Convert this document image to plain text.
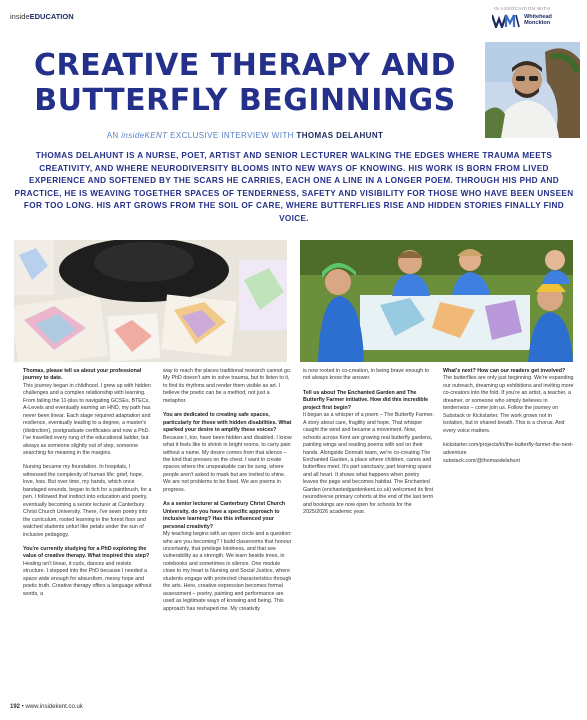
insideEDUCATION
IN ASSOCIATION WITH
Whitehead
Monckton
CREATIVE THERAPY AND
BUTTERFLY BEGINNINGS
AN insideKENT EXCLUSIVE INTERVIEW WITH THOMAS DELAHUNT
THOMAS DELAHUNT IS A NURSE, POET, ARTIST AND SENIOR LECTURER WALKING THE EDGES WHERE TRAUMA MEETS CREATIVITY, AND WHERE NEURODIVERSITY BLOOMS INTO NEW WAYS OF KNOWING. HIS WORK IS BORN FROM LIVED EXPERIENCE AND SOFTENED BY THE SCARS HE CARRIES, EACH ONE A LINE IN A LONGER POEM. THROUGH HIS PHD AND PRACTICE, HE IS WEAVING TOGETHER SPACES OF TENDERNESS, SAFETY AND VISIBILITY FOR THOSE WHO HAVE BEEN UNSEEN FOR TOO LONG. HIS ART GROWS FROM THE SOIL OF CARE, WHERE BUTTERFLIES RISE AND HIDDEN STORIES FINALLY FIND VOICE.

Thomas, please tell us about your professional journey to date.

This journey began in childhood. I grew up with hidden challenges and a complex relationship with learning. From failing the 11-plus to navigating GCSEs, BTECs, A-Levels and eventually earning an HND, my path has never been linear. Each stage required adaptation and resilience, eventually leading to a degree, a master's (distinction), postgraduate certificates and now a PhD. I've travelled every rung of the educational ladder, but always as someone slightly out of step, someone searching for meaning in the margins.

Nursing became my foundation. In hospitals, I witnessed the complexity of human life: grief, hope, love, loss. But over time, my hands, which once bandaged wounds, began to itch for a paintbrush, for a pen. I followed that instinct into education and poetry, eventually becoming a senior lecturer at Canterbury Christ Church University. There, I've sewn poetry into the curriculum, rooted learning in the forest floor and watched students unfurl like petals under the sun of inclusive pedagogy.

You're currently studying for a PhD exploring the value of creative therapy. What inspired this step?

Healing isn't linear, it curls, dances and resists structure. I stepped into the PhD because I needed a space wide enough for absurdism, messy hope and poetic truth. Creative therapy offers a language without words, a

way to reach the places traditional research cannot go. My PhD doesn't aim to solve trauma, but to listen to it, to find its rhythms and render them visible as art. I believe the poetic can be a method, not just a metaphor.

You are dedicated to creating safe spaces, particularly for those with hidden disabilities. What sparked your desire to amplify these voices?

Because I, too, have been hidden and disabled. I know what it feels like to shrink in bright rooms, to carry pain without a name. My desire comes from that silence – the kind that presses on the chest. I want to create spaces where the unspeakable can be sung, where people aren't asked to mask but are invited to shine. We are not problems to be fixed. We are poems in progress.

As a senior lecturer at Canterbury Christ Church University, do you have a specific approach to inclusive learning? Has this influenced your personal creativity?

My teaching begins with an open circle and a question: who are you becoming? I build classrooms that honour uncertainty, that privilege kindness, and that see vulnerability as a strength. We learn beside trees, in notebooks and sometimes in silence. One module close to my heart is Nursing and Social Justice, where students engage with protected characteristics through the arts. Here, creative expression becomes formal assessment – poetry, painting and performance are used as legitimate ways of knowing and being. This approach has reshaped me. My creativity

is now rooted in co-creation, in being brave enough to not always know the answer.

Tell us about The Enchanted Garden and The Butterfly Farmer initiative. How did this incredible project first begin?

It began as a whisper of a poem – The Butterfly Farmer. A story about care, fragility and hope. That whisper caught the wind and became a movement. Now, schools across Kent are growing real butterfly gardens, painting wings and reading poems with soil on their hands. Alongside Donnah team, we're co-creating The Enchanted Garden, a place where children, carers and butterflies meet. It's part sanctuary, part learning space and all heart. It shows what happens when poetry leaves the page and becomes habitat. The Enchanted Garden (enchantedgardenkent.co.uk) welcomed its first neurodiverse primary cohorts at the end of the last term and bookings are now open for schools for the 2025/2026 academic year.

What's next? How can our readers get involved?

The butterflies are only just beginning. We're expanding our outreach, dreaming up exhibitions and inviting more co-creators into the fold. If you're an artist, a teacher, a dreamer, or someone who simply believes in tenderness – come join us. Follow the journey on Substack or Kickstarter. The work grows not in isolation, but in shared breath. This is a chorus. And every voice matters.

kickstarter.com/projects/tri/the-butterfly-farmer-the-next-adventure

substack.com/@thomasdelahunt

192 • www.insidekent.co.uk
